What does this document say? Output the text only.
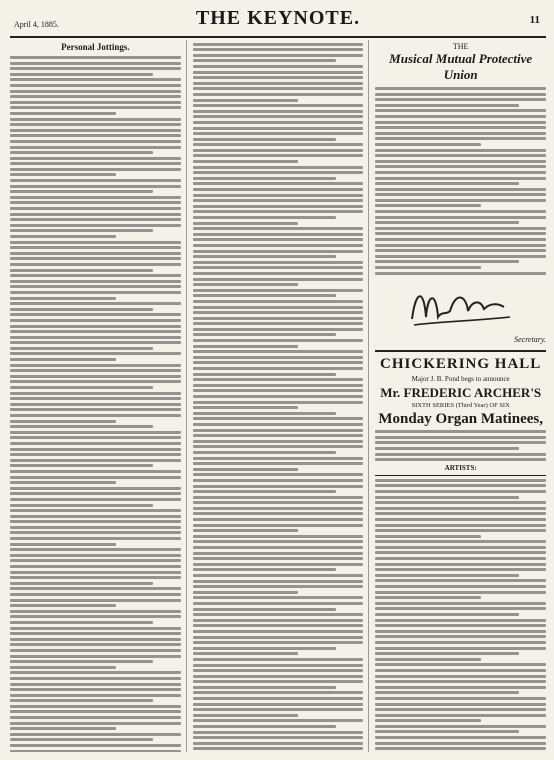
April 4, 1885.	THE KEYNOTE.	11
Personal Jottings.	THE
Musical Mutual Protective Union
Secretary.
CHICKERING HALL
Major J. B. Pond begs to announce
Mr. FREDERIC ARCHER'S
SIXTH SERIES (Third Year) OF SIX
Monday Organ Matinees,
ARTISTS:
